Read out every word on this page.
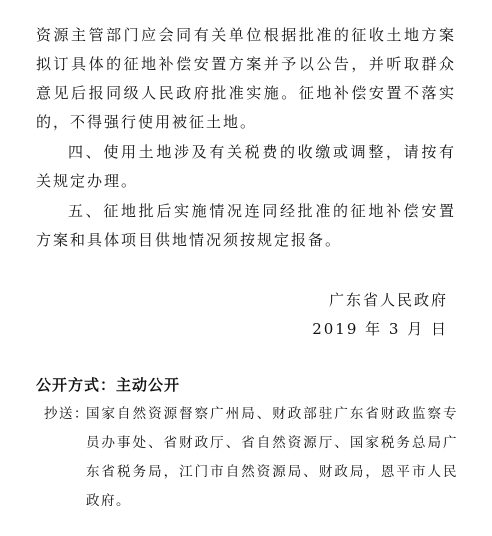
资源主管部门应会同有关单位根据批准的征收土地方案拟订具体的征地补偿安置方案并予以公告，并听取群众意见后报同级人民政府批准实施。征地补偿安置不落实的，不得强行使用被征土地。

四、使用土地涉及有关税费的收缴或调整，请按有关规定办理。

五、征地批后实施情况连同经批准的征地补偿安置方案和具体项目供地情况须按规定报备。

广东省人民政府
2019 年 3 月 日
公开方式：主动公开
抄送：
国家自然资源督察广州局、财政部驻广东省财政监察专员办事处、省财政厅、省自然资源厅、国家税务总局广东省税务局，江门市自然资源局、财政局，恩平市人民政府。
